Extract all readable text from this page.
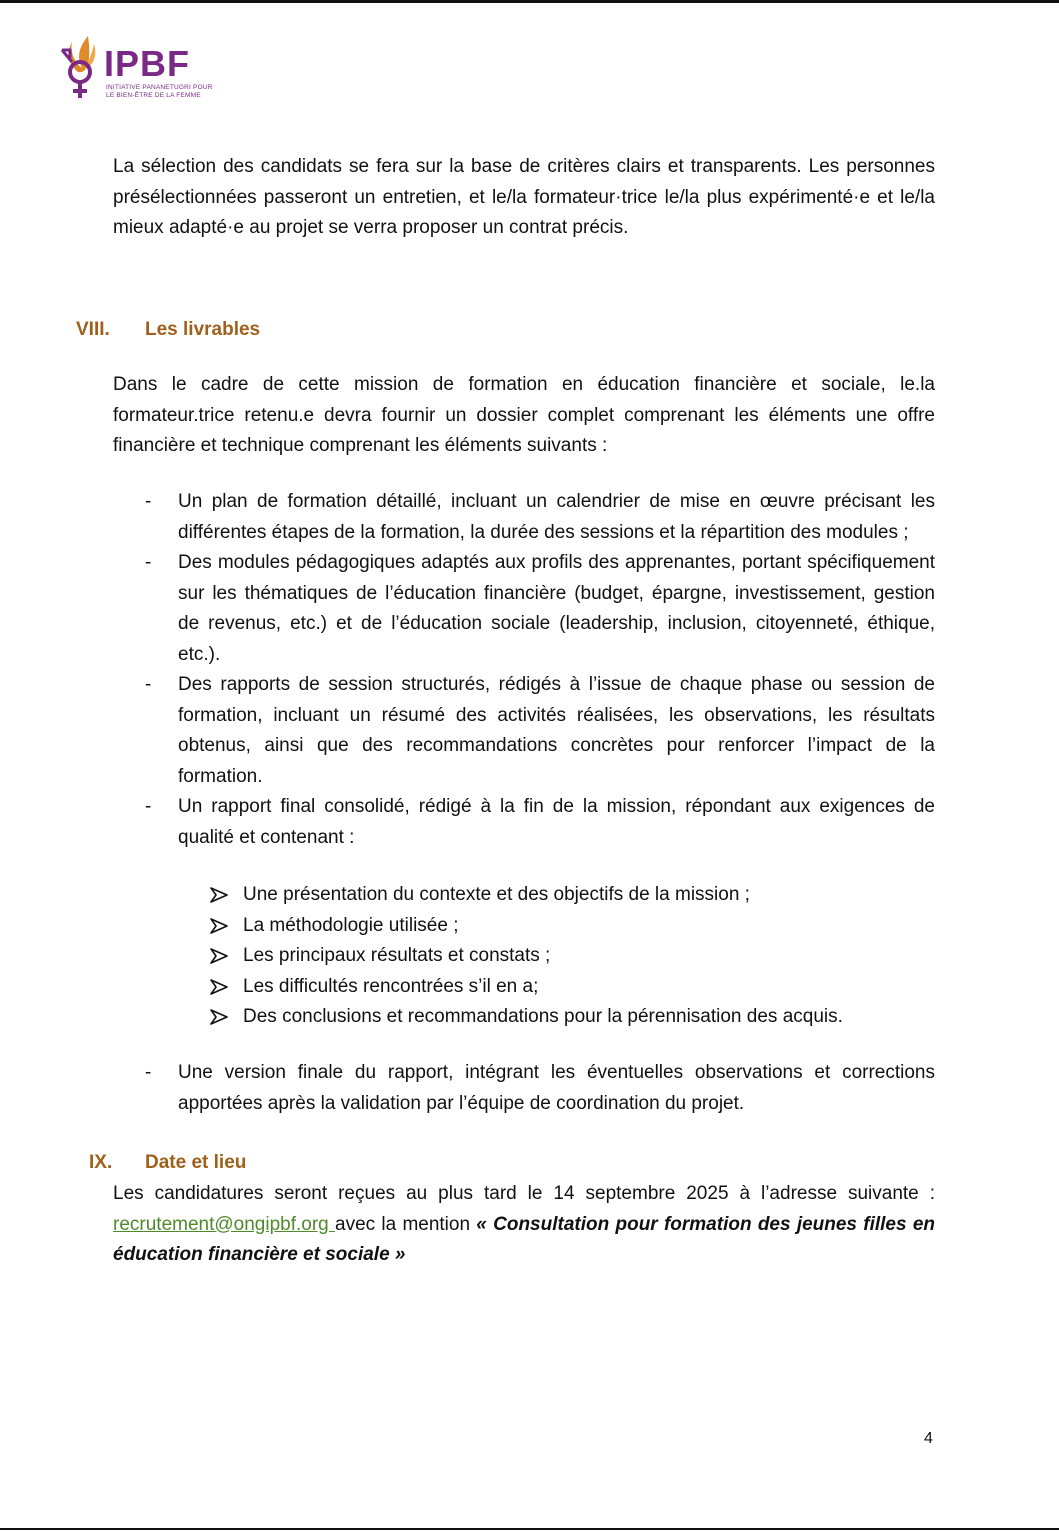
IPBF
INITIATIVE PANANETUGRI POUR
LE BIEN-ÊTRE DE LA FEMME

La sélection des candidats se fera sur la base de critères clairs et transparents. Les personnes présélectionnées passeront un entretien, et le/la formateur·trice le/la plus expérimenté·e et le/la mieux adapté·e au projet se verra proposer un contrat précis.

VIII. Les livrables

Dans le cadre de cette mission de formation en éducation financière et sociale, le.la formateur.trice retenu.e devra fournir un dossier complet comprenant les éléments une offre financière et technique comprenant les éléments suivants :

- Un plan de formation détaillé, incluant un calendrier de mise en œuvre précisant les différentes étapes de la formation, la durée des sessions et la répartition des modules ;
- Des modules pédagogiques adaptés aux profils des apprenantes, portant spécifiquement sur les thématiques de l’éducation financière (budget, épargne, investissement, gestion de revenus, etc.) et de l’éducation sociale (leadership, inclusion, citoyenneté, éthique, etc.).
- Des rapports de session structurés, rédigés à l’issue de chaque phase ou session de formation, incluant un résumé des activités réalisées, les observations, les résultats obtenus, ainsi que des recommandations concrètes pour renforcer l’impact de la formation.
- Un rapport final consolidé, rédigé à la fin de la mission, répondant aux exigences de qualité et contenant :
Une présentation du contexte et des objectifs de la mission ;
La méthodologie utilisée ;
Les principaux résultats et constats ;
Les difficultés rencontrées s’il en a;
Des conclusions et recommandations pour la pérennisation des acquis.
- Une version finale du rapport, intégrant les éventuelles observations et corrections apportées après la validation par l’équipe de coordination du projet.
IX. Date et lieu

Les candidatures seront reçues au plus tard le 14 septembre 2025 à l’adresse suivante : recrutement@ongipbf.org avec la mention « Consultation pour formation des jeunes filles en éducation financière et sociale »

4
